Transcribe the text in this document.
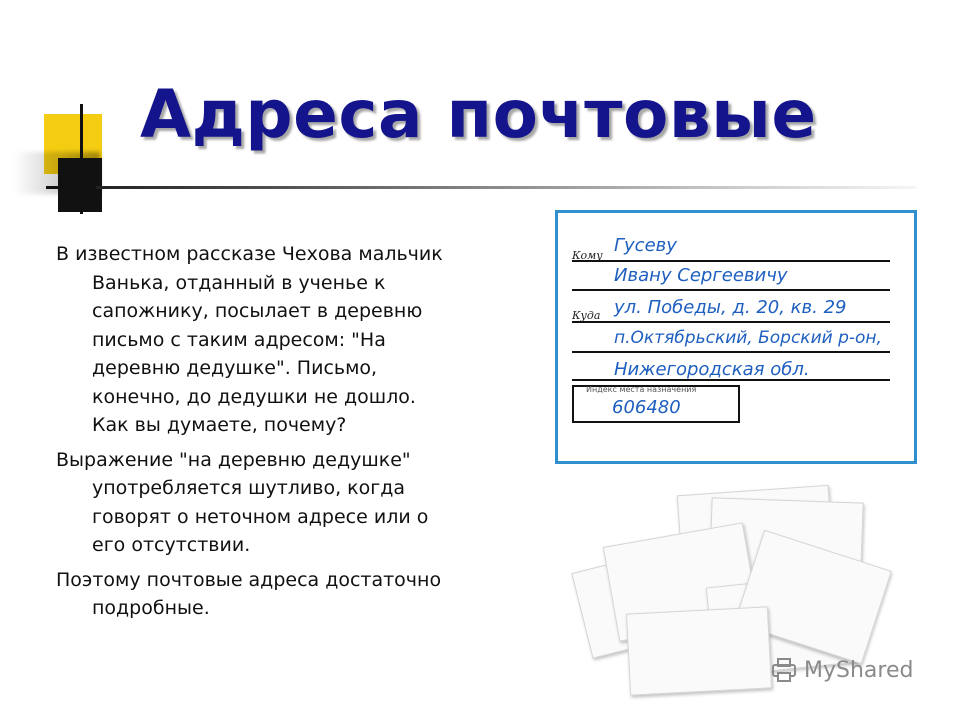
Адреса почтовые

В известном рассказе Чехова мальчик Ванька, отданный в ученье к сапожнику, посылает в деревню письмо с таким адресом: "На деревню дедушке". Письмо, конечно, до дедушки не дошло. Как вы думаете, почему?

Выражение "на деревню дедушке" употребляется шутливо, когда говорят о неточном адресе или о его отсутствии.

Поэтому почтовые адреса достаточно подробные.

Кому Гусеву
Ивану Сергеевичу
Куда ул. Победы, д. 20, кв. 29
п.Октябрьский, Борский р-он,
Нижегородская обл.
Индекс места назначения
606480
MyShared
